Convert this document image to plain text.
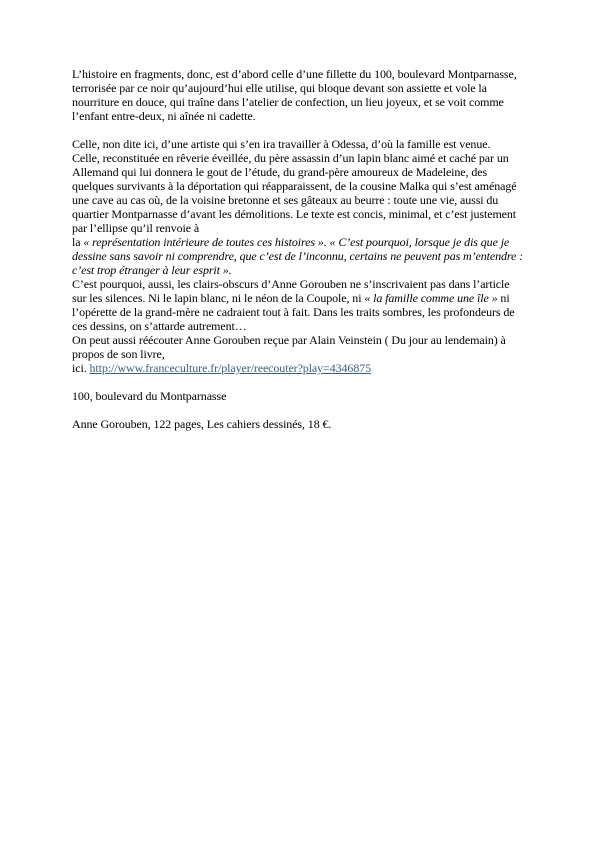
L’histoire en fragments, donc, est d’abord celle d’une fillette du 100, boulevard Montparnasse, terrorisée par ce noir qu’aujourd’hui elle utilise, qui bloque devant son assiette et vole la nourriture en douce, qui traîne dans l’atelier de confection, un lieu joyeux, et se voit comme l’enfant entre-deux, ni aînée ni cadette.

Celle, non dite ici, d’une artiste qui s’en ira travailler à Odessa, d’où la famille est venue.

Celle, reconstituée en rêverie éveillée, du père assassin d’un lapin blanc aimé et caché par un Allemand qui lui donnera le gout de l’étude, du grand-père amoureux de Madeleine, des quelques survivants à la déportation qui réapparaissent, de la cousine Malka qui s’est aménagé une cave au cas où, de la voisine bretonne et ses gâteaux au beurre : toute une vie, aussi du quartier Montparnasse d’avant les démolitions. Le texte est concis, minimal, et c’est justement par l’ellipse qu’il renvoie à
la « représentation intérieure de toutes ces histoires ». « C’est pourquoi, lorsque je dis que je dessine sans savoir ni comprendre, que c’est de l’inconnu, certains ne peuvent pas m’entendre : c’est trop étranger à leur esprit ».

C’est pourquoi, aussi, les clairs-obscurs d’Anne Gorouben ne s’inscrivaient pas dans l’article sur les silences. Ni le lapin blanc, ni le néon de la Coupole, ni « la famille comme une île » ni l’opérette de la grand-mère ne cadraient tout à fait. Dans les traits sombres, les profondeurs de ces dessins, on s’attarde autrement…

On peut aussi réécouter Anne Gorouben reçue par Alain Veinstein ( Du jour au lendemain) à propos de son livre,

ici. http://www.franceculture.fr/player/reecouter?play=4346875

100, boulevard du Montparnasse

Anne Gorouben, 122 pages, Les cahiers dessinés, 18 €.
